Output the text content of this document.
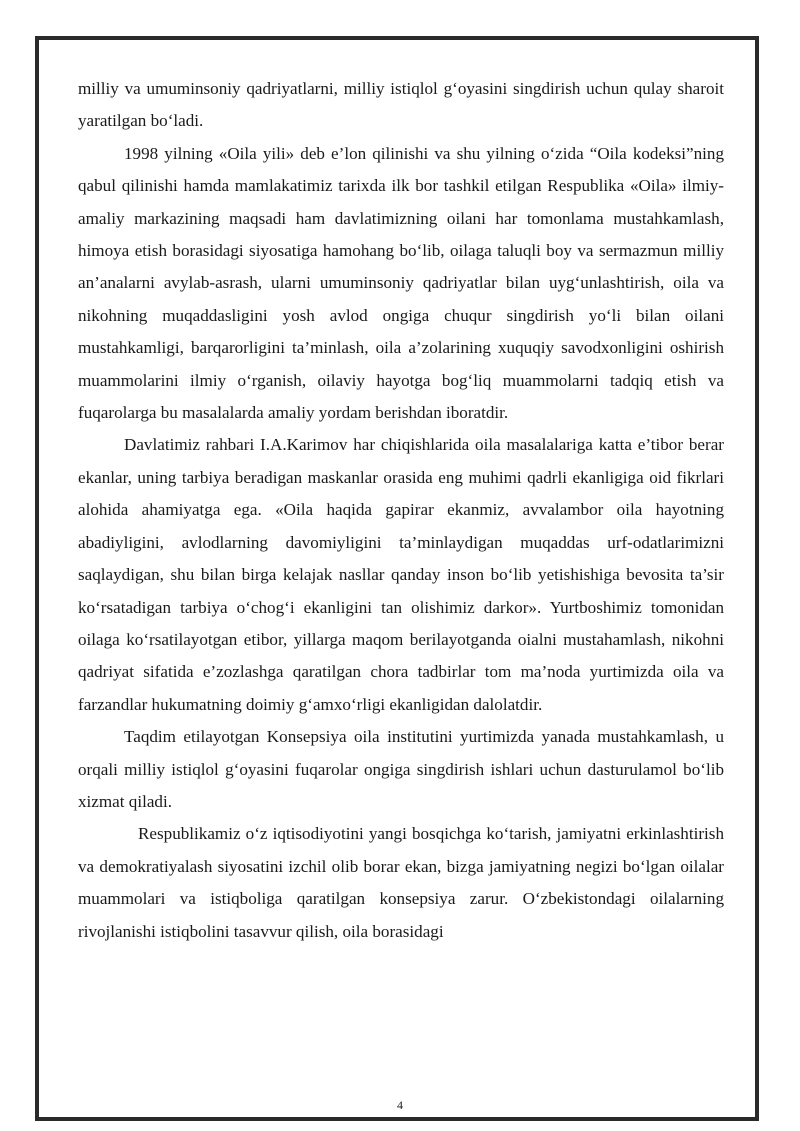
milliy va umuminsoniy qadriyatlarni, milliy istiqlol g‘oyasini singdirish uchun qulay sharoit yaratilgan bo‘ladi.

1998 yilning «Oila yili» deb e’lon qilinishi va shu yilning o‘zida “Oila kodeksi”ning qabul qilinishi hamda mamlakatimiz tarixda ilk bor tashkil etilgan Respublika «Oila» ilmiy-amaliy markazining maqsadi ham davlatimizning oilani har tomonlama mustahkamlash, himoya etish borasidagi siyosatiga hamohang bo‘lib, oilaga taluqli boy va sermazmun milliy an’analarni avylab-asrash, ularni umuminsoniy qadriyatlar bilan uyg‘unlashtirish, oila va nikohning muqaddasligini yosh avlod ongiga chuqur singdirish yo‘li bilan oilani mustahkamligi, barqarorligini ta’minlash, oila a’zolarining xuquqiy savodxonligini oshirish muammolarini ilmiy o‘rganish, oilaviy hayotga bog‘liq muammolarni tadqiq etish va fuqarolarga bu masalalarda amaliy yordam berishdan iboratdir.

Davlatimiz rahbari I.A.Karimov har chiqishlarida oila masalalariga katta e’tibor berar ekanlar, uning tarbiya beradigan maskanlar orasida eng muhimi qadrli ekanligiga oid fikrlari alohida ahamiyatga ega. «Oila haqida gapirar ekanmiz, avvalambor oila hayotning abadiyligini, avlodlarning davomiyligini ta’minlaydigan muqaddas urf-odatlarimizni saqlaydigan, shu bilan birga kelajak nasllar qanday inson bo‘lib yetishishiga bevosita ta’sir ko‘rsatadigan tarbiya o‘chog‘i ekanligini tan olishimiz darkor». Yurtboshimiz tomonidan oilaga ko‘rsatilayotgan etibor, yillarga maqom berilayotganda oialni mustahamlash, nikohni qadriyat sifatida e’zozlashga qaratilgan chora tadbirlar tom ma’noda yurtimizda oila va farzandlar hukumatning doimiy g‘amxo‘rligi ekanligidan dalolatdir.

Taqdim etilayotgan Konsepsiya oila institutini yurtimizda yanada mustahkamlash, u orqali milliy istiqlol g‘oyasini fuqarolar ongiga singdirish ishlari uchun dasturulamol bo‘lib xizmat qiladi.

Respublikamiz o‘z iqtisodiyotini yangi bosqichga ko‘tarish, jamiyatni erkinlashtirish va demokratiyalash siyosatini izchil olib borar ekan, bizga jamiyatning negizi bo‘lgan oilalar muammolari va istiqboliga qaratilgan konsepsiya zarur. O‘zbekistondagi oilalarning rivojlanishi istiqbolini tasavvur qilish, oila borasidagi

4
